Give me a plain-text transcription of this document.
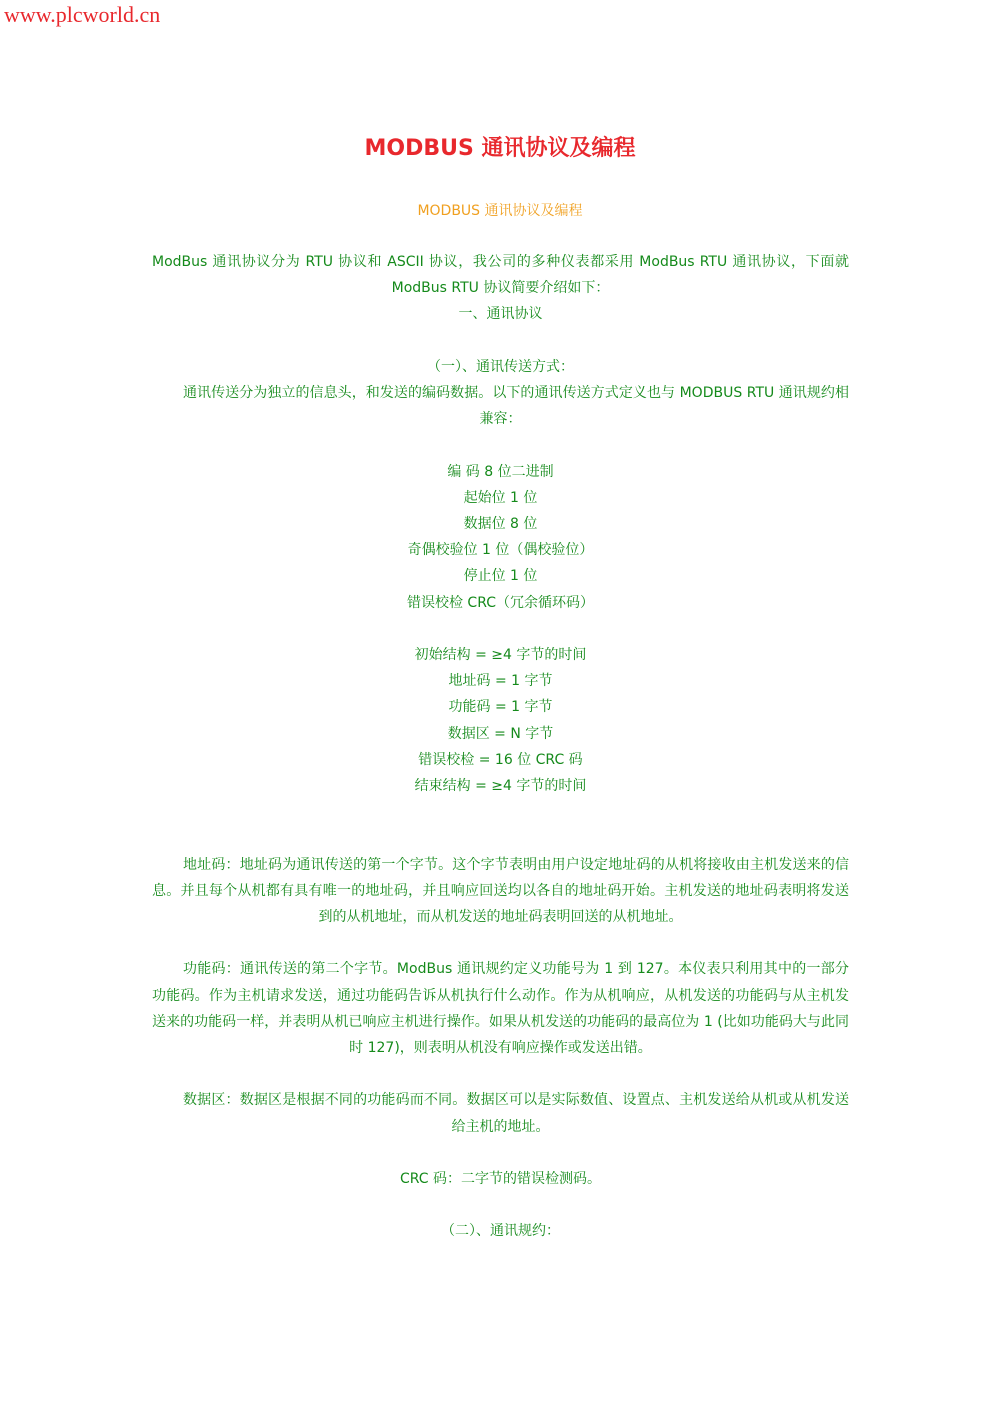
www.plcworld.cn
MODBUS 通讯协议及编程
MODBUS 通讯协议及编程

ModBus 通讯协议分为 RTU 协议和 ASCII 协议，我公司的多种仪表都采用 ModBus RTU 通讯协议，下面就 ModBus RTU 协议简要介绍如下：

一、通讯协议

（一）、通讯传送方式：

通讯传送分为独立的信息头，和发送的编码数据。以下的通讯传送方式定义也与 MODBUS RTU 通讯规约相兼容：

编 码 8 位二进制

起始位 1 位

数据位 8 位

奇偶校验位 1 位（偶校验位）

停止位 1 位

错误校检 CRC（冗余循环码）

初始结构 = ≥4 字节的时间

地址码 = 1 字节

功能码 = 1 字节

数据区 = N 字节

错误校检 = 16 位 CRC 码

结束结构 = ≥4 字节的时间

地址码：地址码为通讯传送的第一个字节。这个字节表明由用户设定地址码的从机将接收由主机发送来的信息。并且每个从机都有具有唯一的地址码，并且响应回送均以各自的地址码开始。主机发送的地址码表明将发送到的从机地址，而从机发送的地址码表明回送的从机地址。

功能码：通讯传送的第二个字节。ModBus 通讯规约定义功能号为 1 到 127。本仪表只利用其中的一部分功能码。作为主机请求发送，通过功能码告诉从机执行什么动作。作为从机响应，从机发送的功能码与从主机发送来的功能码一样，并表明从机已响应主机进行操作。如果从机发送的功能码的最高位为 1 (比如功能码大与此同时 127)，则表明从机没有响应操作或发送出错。

数据区：数据区是根据不同的功能码而不同。数据区可以是实际数值、设置点、主机发送给从机或从机发送给主机的地址。

CRC 码：二字节的错误检测码。

（二）、通讯规约：
